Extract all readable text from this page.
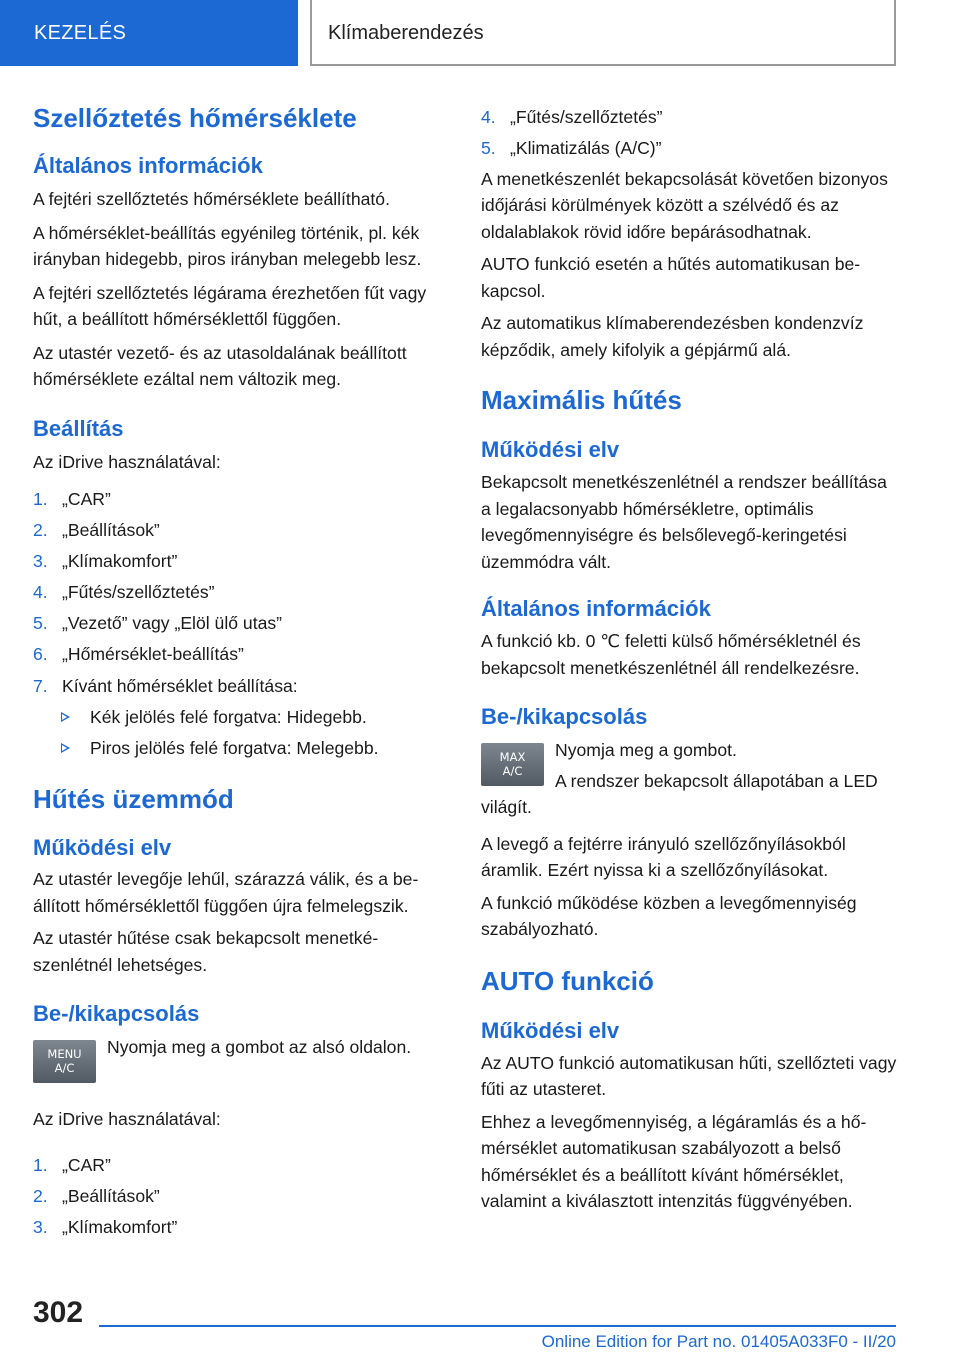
KEZELÉS	Klímaberendezés
Szellőztetés hőmérséklete
Általános információk

A fejtéri szellőztetés hőmérséklete beállítható.

A hőmérséklet-beállítás egyénileg történik, pl. kék irányban hidegebb, piros irányban melegebb lesz.

A fejtéri szellőztetés légárama érezhetően fűt vagy hűt, a beállított hőmérséklettől függően.

Az utastér vezető- és az utasoldalának beállított hőmérséklete ezáltal nem változik meg.

Beállítás

Az iDrive használatával:

1. „CAR”
2. „Beállítások”
3. „Klímakomfort”
4. „Fűtés/szellőztetés”
5. „Vezető” vagy „Elöl ülő utas”
6. „Hőmérséklet-beállítás”
7. Kívánt hőmérséklet beállítása:
Kék jelölés felé forgatva: Hidegebb.
Piros jelölés felé forgatva: Melegebb.
Hűtés üzemmód
Működési elv

Az utastér levegője lehűl, szárazzá válik, és a beállított hőmérséklettől függően újra felmelegszik.

Az utastér hűtése csak bekapcsolt menetkészenlétnél lehetséges.

Be-/kikapcsolás
MENU
A/C

Nyomja meg a gombot az alsó oldalon.

Az iDrive használatával:

1. „CAR”
2. „Beállítások”
3. „Klímakomfort”
4. „Fűtés/szellőztetés”
5. „Klimatizálás (A/C)”

A menetkészenlét bekapcsolását követően bizonyos időjárási körülmények között a szélvédő és az oldalablakok rövid időre bepárásodhatnak.

AUTO funkció esetén a hűtés automatikusan bekapcsol.

Az automatikus klímaberendezésben kondenzvíz képződik, amely kifolyik a gépjármű alá.

Maximális hűtés
Működési elv

Bekapcsolt menetkészenlétnél a rendszer beállítása a legalacsonyabb hőmérsékletre, optimális levegőmennyiségre és belsőlevegő-keringetési üzemmódra vált.

Általános információk

A funkció kb. 0 ℃ feletti külső hőmérsékletnél és bekapcsolt menetkészenlétnél áll rendelkezésre.

Be-/kikapcsolás
MAX
A/C

Nyomja meg a gombot.

A rendszer bekapcsolt állapotában a LED világít.

A levegő a fejtérre irányuló szellőzőnyílásokból áramlik. Ezért nyissa ki a szellőzőnyílásokat.

A funkció működése közben a levegőmennyiség szabályozható.

AUTO funkció
Működési elv

Az AUTO funkció automatikusan hűti, szellőzteti vagy fűti az utasteret.

Ehhez a levegőmennyiség, a légáramlás és a hőmérséklet automatikusan szabályozott a belső hőmérséklet és a beállított kívánt hőmérséklet, valamint a kiválasztott intenzitás függvényében.

302
Online Edition for Part no. 01405A033F0 - II/20
